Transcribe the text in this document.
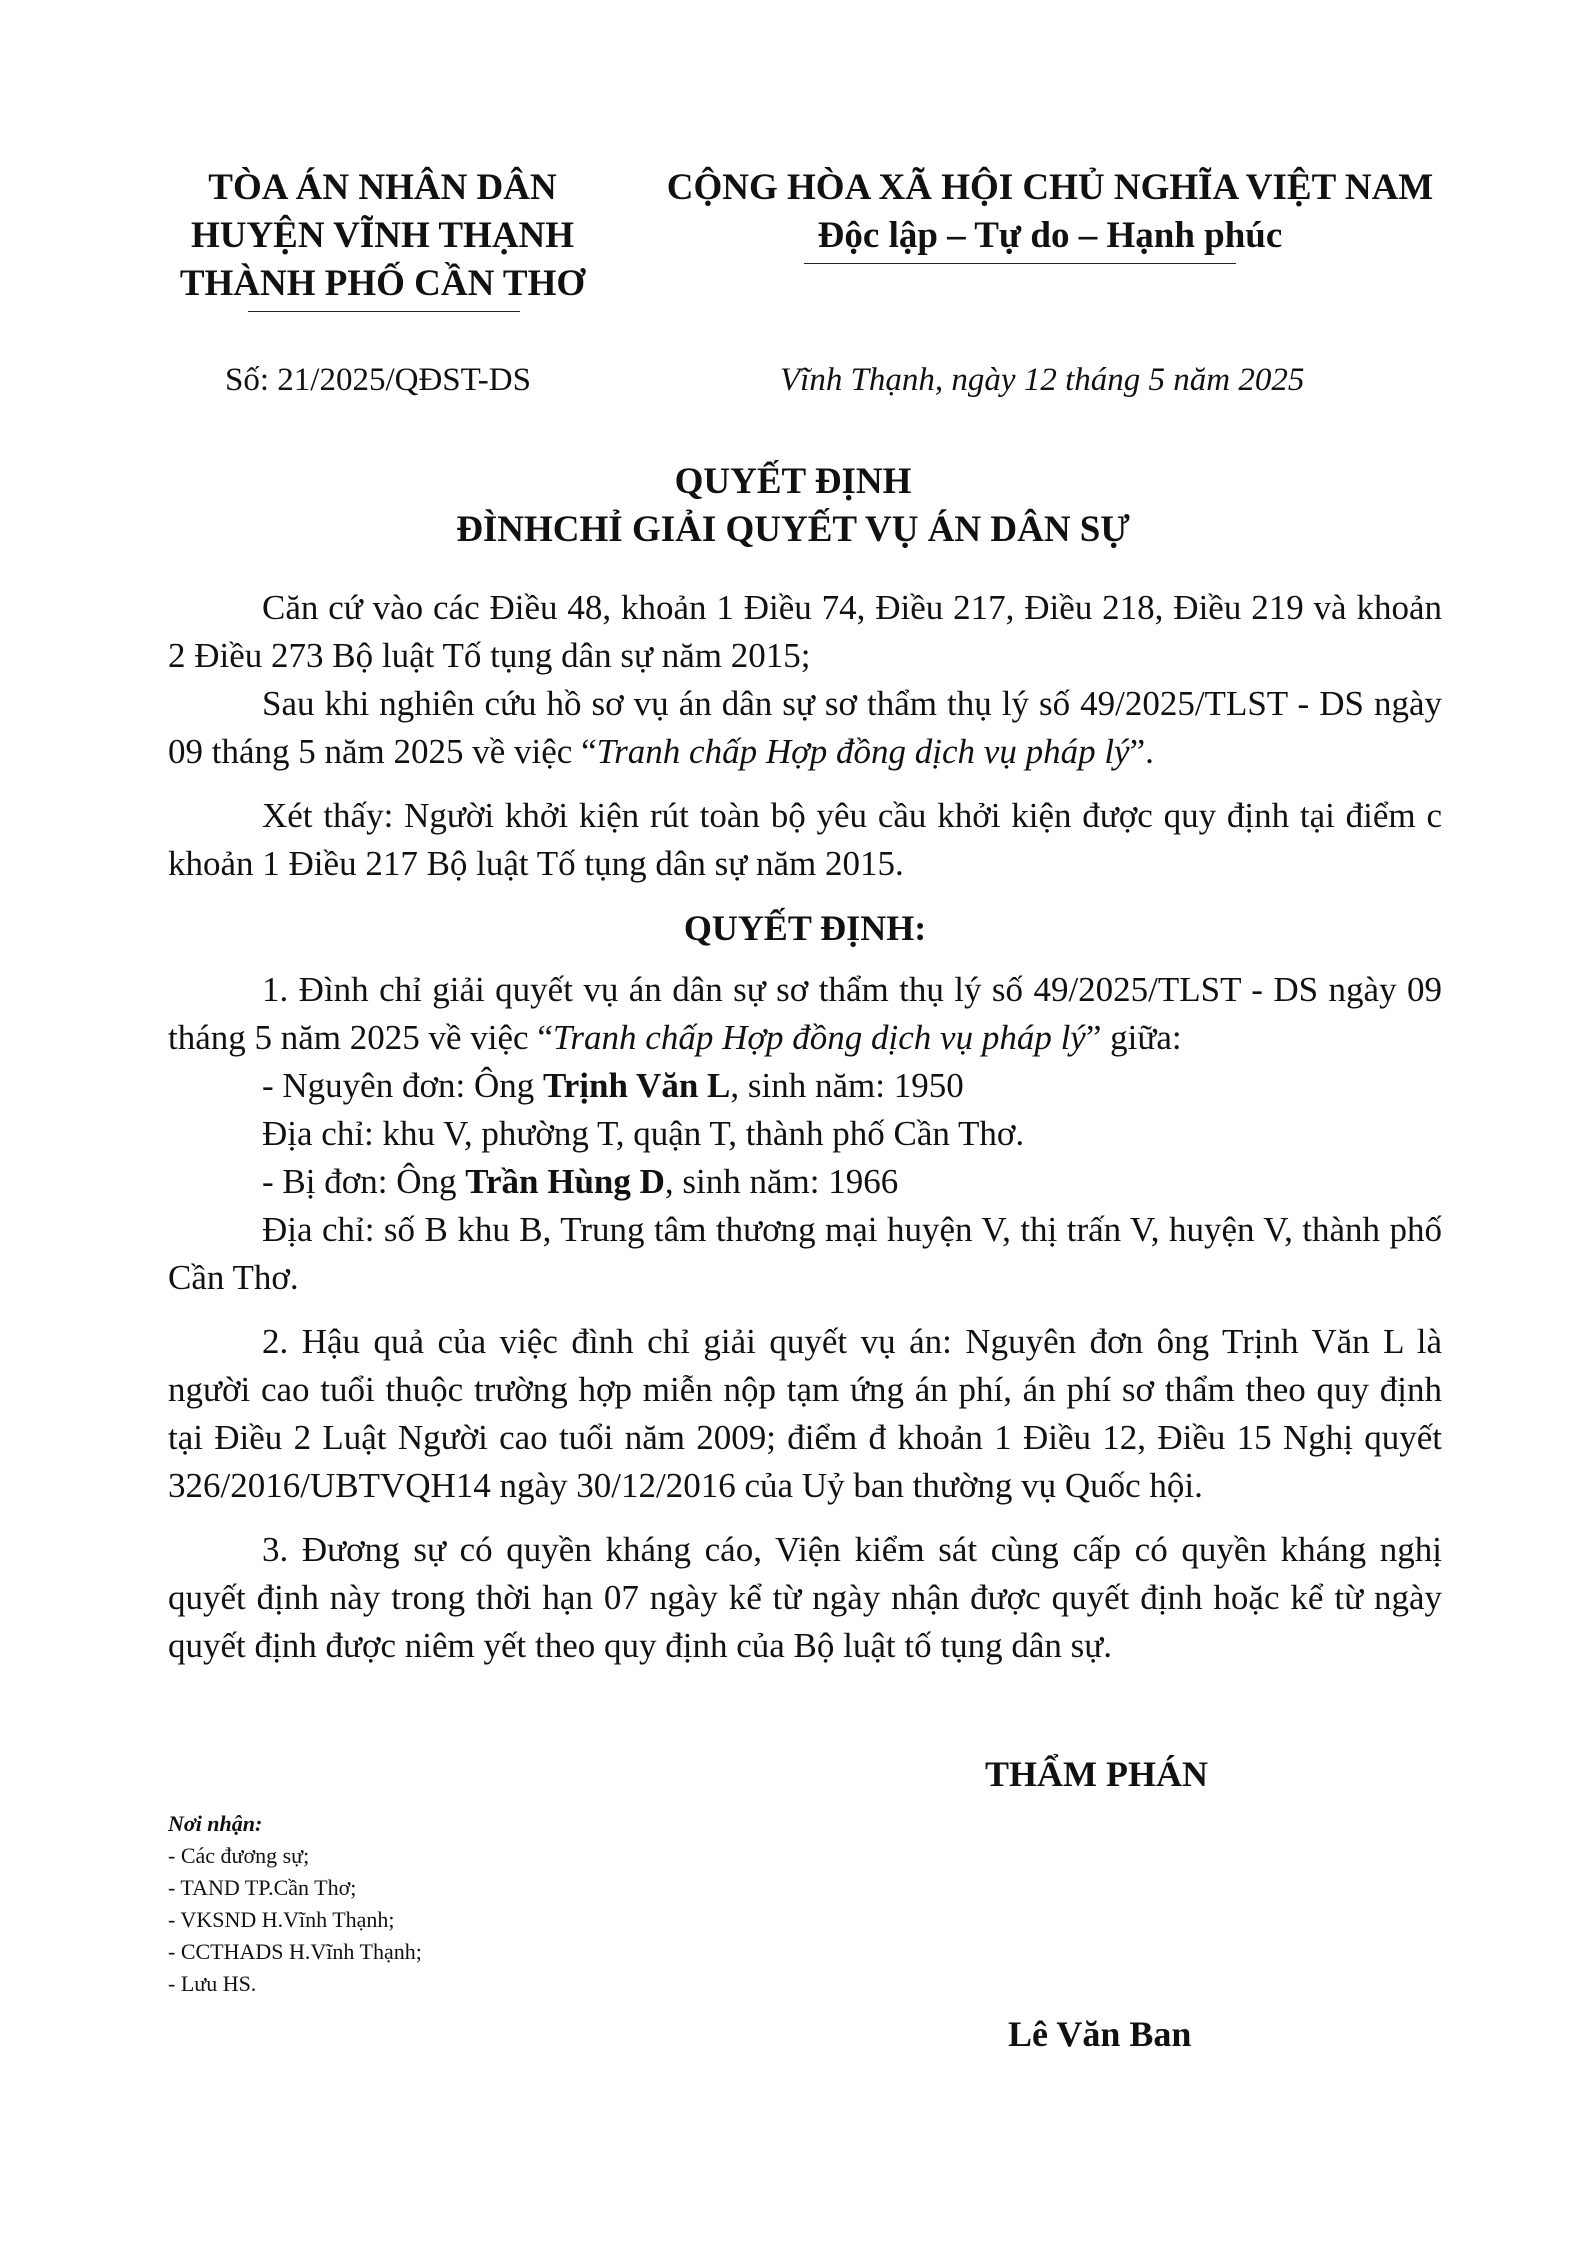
TÒA ÁN NHÂN DÂN
HUYỆN VĨNH THẠNH
THÀNH PHỐ CẦN THƠ
CỘNG HÒA XÃ HỘI CHỦ NGHĨA VIỆT NAM
Độc lập – Tự do – Hạnh phúc
Số: 21/2025/QĐST-DS	Vĩnh Thạnh, ngày 12 tháng 5 năm 2025
QUYẾT ĐỊNH
ĐÌNHCHỈ GIẢI QUYẾT VỤ ÁN DÂN SỰ

Căn cứ vào các Điều 48, khoản 1 Điều 74, Điều 217, Điều 218, Điều 219 và khoản 2 Điều 273 Bộ luật Tố tụng dân sự năm 2015;

Sau khi nghiên cứu hồ sơ vụ án dân sự sơ thẩm thụ lý số 49/2025/TLST - DS ngày 09 tháng 5 năm 2025 về việc “Tranh chấp Hợp đồng dịch vụ pháp lý”.

Xét thấy: Người khởi kiện rút toàn bộ yêu cầu khởi kiện được quy định tại điểm c khoản 1 Điều 217 Bộ luật Tố tụng dân sự năm 2015.

QUYẾT ĐỊNH:

1. Đình chỉ giải quyết vụ án dân sự sơ thẩm thụ lý số 49/2025/TLST - DS ngày 09 tháng 5 năm 2025 về việc “Tranh chấp Hợp đồng dịch vụ pháp lý” giữa:

- Nguyên đơn: Ông Trịnh Văn L, sinh năm: 1950

Địa chỉ: khu V, phường T, quận T, thành phố Cần Thơ.

- Bị đơn: Ông Trần Hùng D, sinh năm: 1966

Địa chỉ: số B khu B, Trung tâm thương mại huyện V, thị trấn V, huyện V, thành phố Cần Thơ.

2. Hậu quả của việc đình chỉ giải quyết vụ án: Nguyên đơn ông Trịnh Văn L là người cao tuổi thuộc trường hợp miễn nộp tạm ứng án phí, án phí sơ thẩm theo quy định tại Điều 2 Luật Người cao tuổi năm 2009; điểm đ khoản 1 Điều 12, Điều 15 Nghị quyết 326/2016/UBTVQH14 ngày 30/12/2016 của Uỷ ban thường vụ Quốc hội.

3. Đương sự có quyền kháng cáo, Viện kiểm sát cùng cấp có quyền kháng nghị quyết định này trong thời hạn 07 ngày kể từ ngày nhận được quyết định hoặc kể từ ngày quyết định được niêm yết theo quy định của Bộ luật tố tụng dân sự.

THẨM PHÁN
Lê Văn Ban
Nơi nhận:
- Các đương sự;
- TAND TP.Cần Thơ;
- VKSND H.Vĩnh Thạnh;
- CCTHADS H.Vĩnh Thạnh;
- Lưu HS.
